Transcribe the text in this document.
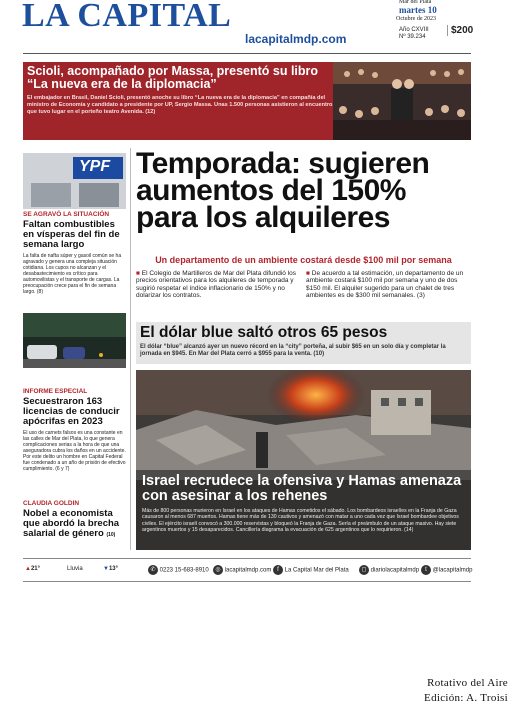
LA CAPITAL
lacapitalmdp.com
Mar del Plata
martes 10
Octubre de 2023
Año CXVIII
Nº 39.234
$200
Scioli, acompañado por Massa, presentó su libro “La nueva era de la diplomacia”
El embajador en Brasil, Daniel Scioli, presentó anoche su libro “La nueva era de la diplomacia” en compañía del ministro de Economía y candidato a presidente por UP, Sergio Massa. Unas 1.500 personas asistieron al encuentro que tuvo lugar en el porteño teatro Avenida. (12)
YPF
SE AGRAVÓ LA SITUACIÓN
Faltan combustibles en vísperas del fin de semana largo
La falta de nafta súper y gasoil común se ha agravado y genera una compleja situación cotidiana. Los cupos no alcanzan y el desabastecimiento es crítico para automovilistas y el transporte de cargas. La preocupación crece para el fin de semana largo. (8)
INFORME ESPECIAL
Secuestraron 163 licencias de conducir apócrifas en 2023
El uso de carnets falsos es una constante en las calles de Mar del Plata, lo que genera complicaciones serias a la hora de que una aseguradora cubra los daños en un accidente. Por este delito un hombre en Capital Federal fue condenado a un año de prisión de efectivo cumplimiento. (6 y 7)
CLAUDIA GOLDIN
Nobel a economista que abordó la brecha salarial de género (10)
Temporada: sugieren aumentos del 150% para los alquileres
Un departamento de un ambiente costará desde $100 mil por semana
■ El Colegio de Martilleros de Mar del Plata difundió los precios orientativos para los alquileres de temporada y sugirió respetar el índice inflacionario de 150% y no dolarizar los contratos.
■ De acuerdo a tal estimación, un departamento de un ambiente costará $100 mil por semana y uno de dos $150 mil. El alquiler sugerido para un chalet de tres ambientes es de $300 mil semanales. (3)
El dólar blue saltó otros 65 pesos
El dólar “blue” alcanzó ayer un nuevo récord en la “city” porteña, al subir $65 en un solo día y completar la jornada en $945. En Mar del Plata cerró a $955 para la venta. (10)
Israel recrudece la ofensiva y Hamas amenaza con asesinar a los rehenes
Más de 800 personas murieron en Israel en los ataques de Hamas cometidos el sábado. Los bombardeos israelíes en la Franja de Gaza causaron al menos 687 muertos. Hamas tiene más de 130 cautivos y amenazó con matar a uno cada vez que Israel bombardee objetivos civiles. El ejército israelí convocó a 300.000 reservistas y bloqueó la Franja de Gaza. Sería el preámbulo de un ataque masivo. Hay siete argentinos muertos y 15 desaparecidos. Cancillería diagrama la evacuación de 625 argentinos que lo requirieron. (14)
▲21°	Lluvia	▼13°	✆ 0223 15-683-8910	◎ lacapitalmdp.com f La Capital Mar del Plata	◻ diariolacapitalmdp	t @lacapitalmdp
Rotativo del Aire
Edición: A. Troisi
